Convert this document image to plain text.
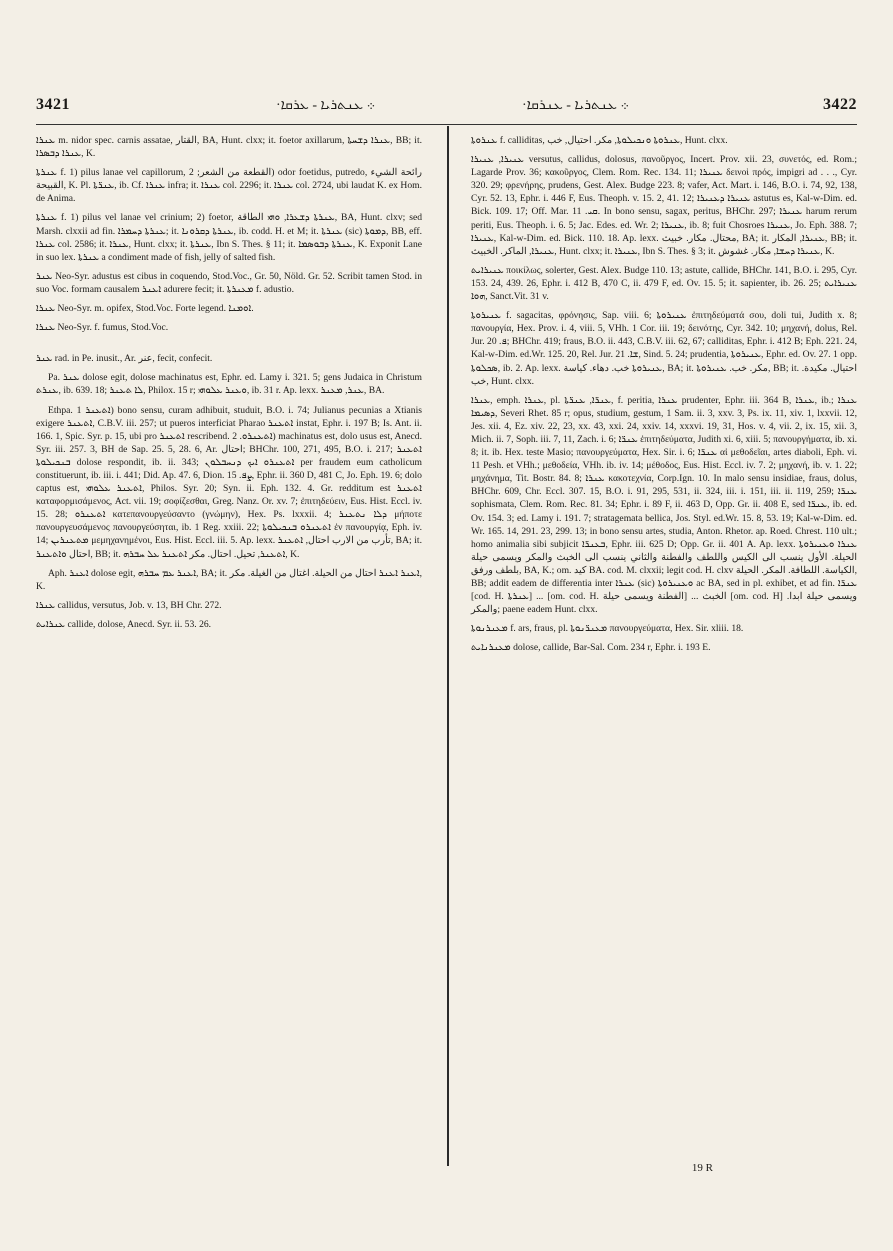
3421	·܀ ܥܢܬܪܝܐ - ܥܪܩܐ	·܀ ܥܢܬܪܝܐ - ܥܢܪܩܐ	3422

ܥܢܪܐ m. nidor spec. carnis assatae, القتار, BA, Hunt. clxx; it. foetor axillarum, ܥܢܪܐ ܕܫܚܬܐ, BB; it. ܥܢܪܐ ܕܒܣܪܐ, K.

ܥܢܪܬܐ f. 1) pilus lanae vel capillorum, القطعة من الشعر; 2) odor foetidus, putredo, رائحة الشيء القبيحة, K. Pl. ܥܢܪ̈ܬܐ, ib. Cf. ܥܢܪܐ infra; it. ܥܢܪܐ col. 2296; it. ܥܢܪܐ col. 2724, ubi laudat K. ex Hom. de Anima.

ܥܢܪܬܐ f. 1) pilus vel lanae vel crinium; 2) foetor, ܥܢܪܬܐ ܕܫܥܪܐ, ܘܗܝ الطاقة, BA, Hunt. clxv; sed Marsh. clxxii ad fin. ܥܢܪܬܐ ܕܚܡܪܐ; it. ܥܢܪܬܐ ܕܩܪܘܢܐ, ib. codd. H. et M; it. ܥܢܪܬܐ (sic) ܕܡܘܬܐ, BB, eff. ܥܢܪܐ col. 2586; it. ܥܢܪܐ, Hunt. clxx; it. ܥܢܪܬܐ, Ibn S. Thes. § 11; it. ܥܢܪܬܐ ܕܒܘܣܡܐ, K. Exponit Lane in suo lex. ܥܢܪܬܐ a condiment made of fish, jelly of salted fish.

ܥܢܪ Neo-Syr. adustus est cibus in coquendo, Stod.Voc., Gr. 50, Nöld. Gr. 52. Scribit tamen Stod. in suo Voc. formam causalem ܐܥܢܪ adurere fecit; it. ܡܥܢܪܬܐ f. adustio.

ܥܢܪܐ Neo-Syr. m. opifex, Stod.Voc. Forte legend. ܐܘܡܢܐ.

ܥܢܪܐ Neo-Syr. f. fumus, Stod.Voc.

ܥܢܪ rad. in Pe. inusit., Ar. عنر, fecit, confecit.

Pa. ܥܢܪ dolose egit, dolose machinatus est, Ephr. ed. Lamy i. 321. 5; gens Judaica in Christum ܥܢܪܬ, ib. 639. 18; ܠܐ ܬܥܢܪ, Philox. 15 r; ܘܥܢܪ ܥܠܘܗܝ, ib. 31 r. Ap. lexx. ܥܢܪ, ܡܥܢܪ, BA.

Ethpa. ܐܬܥܢܪ 1) bono sensu, curam adhibuit, studuit, B.O. i. 74; Julianus pecunias a Xtianis exigere ܐܬܥܢܪ, C.B.V. iii. 257; ut pueros interficiat Pharao ܐܬܥܢܪ instat, Ephr. i. 197 B; Is. Ant. ii. 166. 1, Spic. Syr. p. 15, ubi pro ܐܬܥܢܪ rescribend. ܐܬܥܢܪܘ. 2) machinatus est, dolo usus est, Anecd. Syr. iii. 257. 3, BH de Sap. 25. 5, 28. 6, Ar. احتال; BHChr. 100, 271, 495, B.O. i. 217; ܐܬܥܢܪ ܒܢܟܝܠܘܬܐ dolose respondit, ib. ii. 343; ܐܬܥܢܪܘ ܐܝܟ ܕܢܚܒܠܘܢ per fraudem eum catholicum constituerunt, ib. iii. i. 441; Did. Ap. 47. 6, Dion. ܨܦ. 15, Ephr. ii. 360 D, 481 C, Jo. Eph. 19. 6; dolo captus est, ܐܬܥܢܪ ܥܠܘܗܝ, Philos. Syr. 20; Syn. ii. Eph. 132. 4. Gr. redditum est ܐܬܥܢܪ καταφορμισάμενος, Act. vii. 19; σοφίζεσθαι, Greg. Nanz. Or. xv. 7; ἐπιτηδεύειν, Eus. Hist. Eccl. iv. 15. 28; ܐܬܥܢܪܘ κατεπανουργεύσαντο (γνώμην), Hex. Ps. lxxxii. 4; ܕܠܐ ܢܬܥܢܪ μήποτε πανουργευσάμενος πανουργεύσηται, ib. 1 Reg. xxiii. 22; ܐܬܥܢܪܘ ܒܢܟܝܠܘܬܐ ἐν πανουργίᾳ, Eph. iv. 14; ܡܬܥܢܪܝܢ μεμηχανημένοι, Eus. Hist. Eccl. iii. 5. Ap. lexx. تأرب من الارب احتال, ܐܬܥܢܪ, BA; it. احتال ܘܐܬܥܢܪ, BB; it. ܐܬܥܢܪ, تحيل. احتال. مكر ܐܬܥܢܪ ܥܠ ܚܒܪܗ, K.

Aph. ܐܥܢܪ dolose egit, ܐܥܢܪ ܥܡ ܚܒܪܗ, BA; it. ܐܥܢܪ ܐܥܢܪ احتال من الحيلة. اغتال من الغيلة. مكر, K.

ܥܢܪܐ callidus, versutus, Job. v. 13, BH Chr. 272.

ܥܢܪܐܝܬ callide, dolose, Anecd. Syr. ii. 53. 26.

ܥܢܪܘܬܐ f. calliditas, ܥܢܪܘܬܐ ܘܢܟܝܠܘܬܐ, مكر. احتيال, خب, Hunt. clxx.

ܥܢܝܪܐ, ܥܢܝܪܐ versutus, callidus, dolosus, πανοῦργος, Incert. Prov. xii. 23, συνετός, ed. Rom.; Lagarde Prov. 36; κακοῦργος, Clem. Rom. Rec. 134. 11; ܥܢܝܪܐ δεινοὶ πρός, impigri ad . . ., Cyr. 320. 29; φρενήρης, prudens, Gest. Alex. Budge 223. 8; vafer, Act. Mart. i. 146, B.O. i. 74, 92, 138, Cyr. 52. 13, Ephr. i. 446 F, Eus. Theoph. v. 15. 2, 41. 12; ܥܢܝܪܐ ܕܥܢܝܪܐ astutus es, Kal-w-Dim. ed. Bick. 109. 17; Off. Mar. ܩܝ. 11. In bono sensu, sagax, peritus, BHChr. 297; ܥܢܝܪܐ harum rerum periti, Eus. Theoph. i. 6. 5; Jac. Edes. ed. Wr. 2; ܥܢܝܪܐ, ib. 8; fuit Chosroes ܥܢܝܪܐ, Jo. Eph. 388. 7; ܥܢܝܪܐ, Kal-w-Dim. ed. Bick. 110. 18. Ap. lexx. محتال. مكار. خبيث, BA; it. ܥܢܝܪܐ, المكار, BB; it. ܥܢܝܪܐ, الماكر. الخبيث, Hunt. clxx; it. ܥܢܝܪܐ, Ibn S. Thes. § 3; it. ܥܢܝܪܐ ܕܚܫܐ, مكار. غشوش, K.

ܥܢܝܪܐܝܬ ποικίλως, solerter, Gest. Alex. Budge 110. 13; astute, callide, BHChr. 141, B.O. i. 295, Cyr. 153. 24, 439. 26, Ephr. i. 412 B, 470 C, ii. 479 F, ed. Ov. 15. 5; it. sapienter, ib. 26. 25; ܥܢܝܪܐܝܬ ܗܘܐ, Sanct.Vit. 31 v.

ܥܢܝܪܘܬܐ f. sagacitas, φρόνησις, Sap. viii. 6; ܥܢܝܪܘܬܐ ἐπιτηδεύματά σου, doli tui, Judith x. 8; πανουργία, Hex. Prov. i. 4, viii. 5, VHh. 1 Cor. iii. 19; δεινότης, Cyr. 342. 10; μηχανή, dolus, Rel. Jur. ܦ. 20; BHChr. 419; fraus, B.O. ii. 443, C.B.V. iii. 62, 67; calliditas, Ephr. i. 412 B; Eph. 221. 24, Kal-w-Dim. ed.Wr. 125. 20, Rel. Jur. ܫܐ. 21, Sind. 5. 24; prudentia, ܥܢܝܪܘܬܐ, Ephr. ed. Ov. 27. 1 opp. ܣܟܠܘܬܐ, ib. 2. Ap. lexx. ܥܢܝܪܘܬܐ خب. دهاء. كياسة, BA; it. مكر. خب. ܥܢܝܪܘܬܐ, BB; it. احتيال. مكيدة. خب, Hunt. clxx.

ܥܢܪܐ, emph. ܥܢܪܐ, pl. ܥܢܪ̈ܐ, ܥܢܪ̈ܬܐ, f. peritia, ܥܢܪܐ prudenter, Ephr. iii. 364 B, ܥܢܪܐ, ib.; ܥܢܪܐ ܕܣܝܡܐ, Severi Rhet. 85 r; opus, studium, gestum, 1 Sam. ii. 3, xxv. 3, Ps. ix. 11, xiv. 1, lxxvii. 12, Jes. xii. 4, Ez. xiv. 22, 23, xx. 43, xxi. 24, xxiv. 14, xxxvi. 19, 31, Hos. v. 4, vii. 2, ix. 15, xii. 3, Mich. ii. 7, Soph. iii. 7, 11, Zach. i. 6; ܥܢܪ̈ܐ ἐπιτηδεύματα, Judith xi. 6, xiii. 5; πανουργήματα, ib. xi. 8; it. ib. Hex. teste Masio; πανουργεύματα, Hex. Sir. i. 6; ܥܢܪ̈ܐ αἱ μεθοδεῖαι, artes diaboli, Eph. vi. 11 Pesh. et VHh.; μεθοδεία, VHh. ib. iv. 14; μέθοδος, Eus. Hist. Eccl. iv. 7. 2; μηχανή, ib. v. 1. 22; μηχάνημα, Tit. Bostr. 84. 8; ܥܢܪܐ κακοτεχνία, Corp.Ign. 10. In malo sensu insidiae, fraus, dolus, BHChr. 609, Chr. Eccl. 307. 15, B.O. i. 91, 295, 531, ii. 324, iii. i. 151, iii. ii. 119, 259; ܥܢܪ̈ܐ sophismata, Clem. Rom. Rec. 81. 34; Ephr. i. 89 F, ii. 463 D, Opp. Gr. ii. 408 E, sed ܥܢܪ̈ܐ, ib. ed. Ov. 154. 3; ed. Lamy i. 191. 7; stratagemata bellica, Jos. Styl. ed.Wr. 15. 8, 53. 19; Kal-w-Dim. ed. Wr. 165. 14, 291. 23, 299. 13; in bono sensu artes, studia, Anton. Rhetor. ap. Roed. Chrest. 110 ult.; homo animalia sibi subjicit ܒܥܢܪ̈ܐ, Ephr. iii. 625 D; Opp. Gr. ii. 401 A. Ap. lexx. ܥܢܪܐ ܘܥܢܝܪܘܬܐ الحيلة. الأول ينسب الى الكيس واللطف والفطنة والثاني ينسب الى الخبث والمكر ويسمى حيلة بلطف ورفق, BA, K.; om. كيد BA. cod. M. clxxii; legit cod. H. clxv الكياسة. اللطافة. المكر. الحيلة, BB; addit eadem de differentia inter ܥܢܪܐ (sic) ܘܥܢܝܪܘܬܐ ac BA, sed in pl. exhibet, et ad fin. ܥܢܪ̈ܐ [cod. H. ܥܢܪܬܐ] ... [om. cod. H. الفطنة ويسمى حيلة] ... الخبث [om. cod. H] ويسمى حيلة ابدا. والمكر; paene eadem Hunt. clxx.

ܡܥܢܪܢܘܬܐ f. ars, fraus, pl. ܡܥܢܪ̈ܢܘܬܐ πανουργεύματα, Hex. Sir. xliii. 18.

ܡܥܢܪܢܐܝܬ dolose, callide, Bar-Sal. Com. 234 r, Ephr. i. 193 E.

19 R
